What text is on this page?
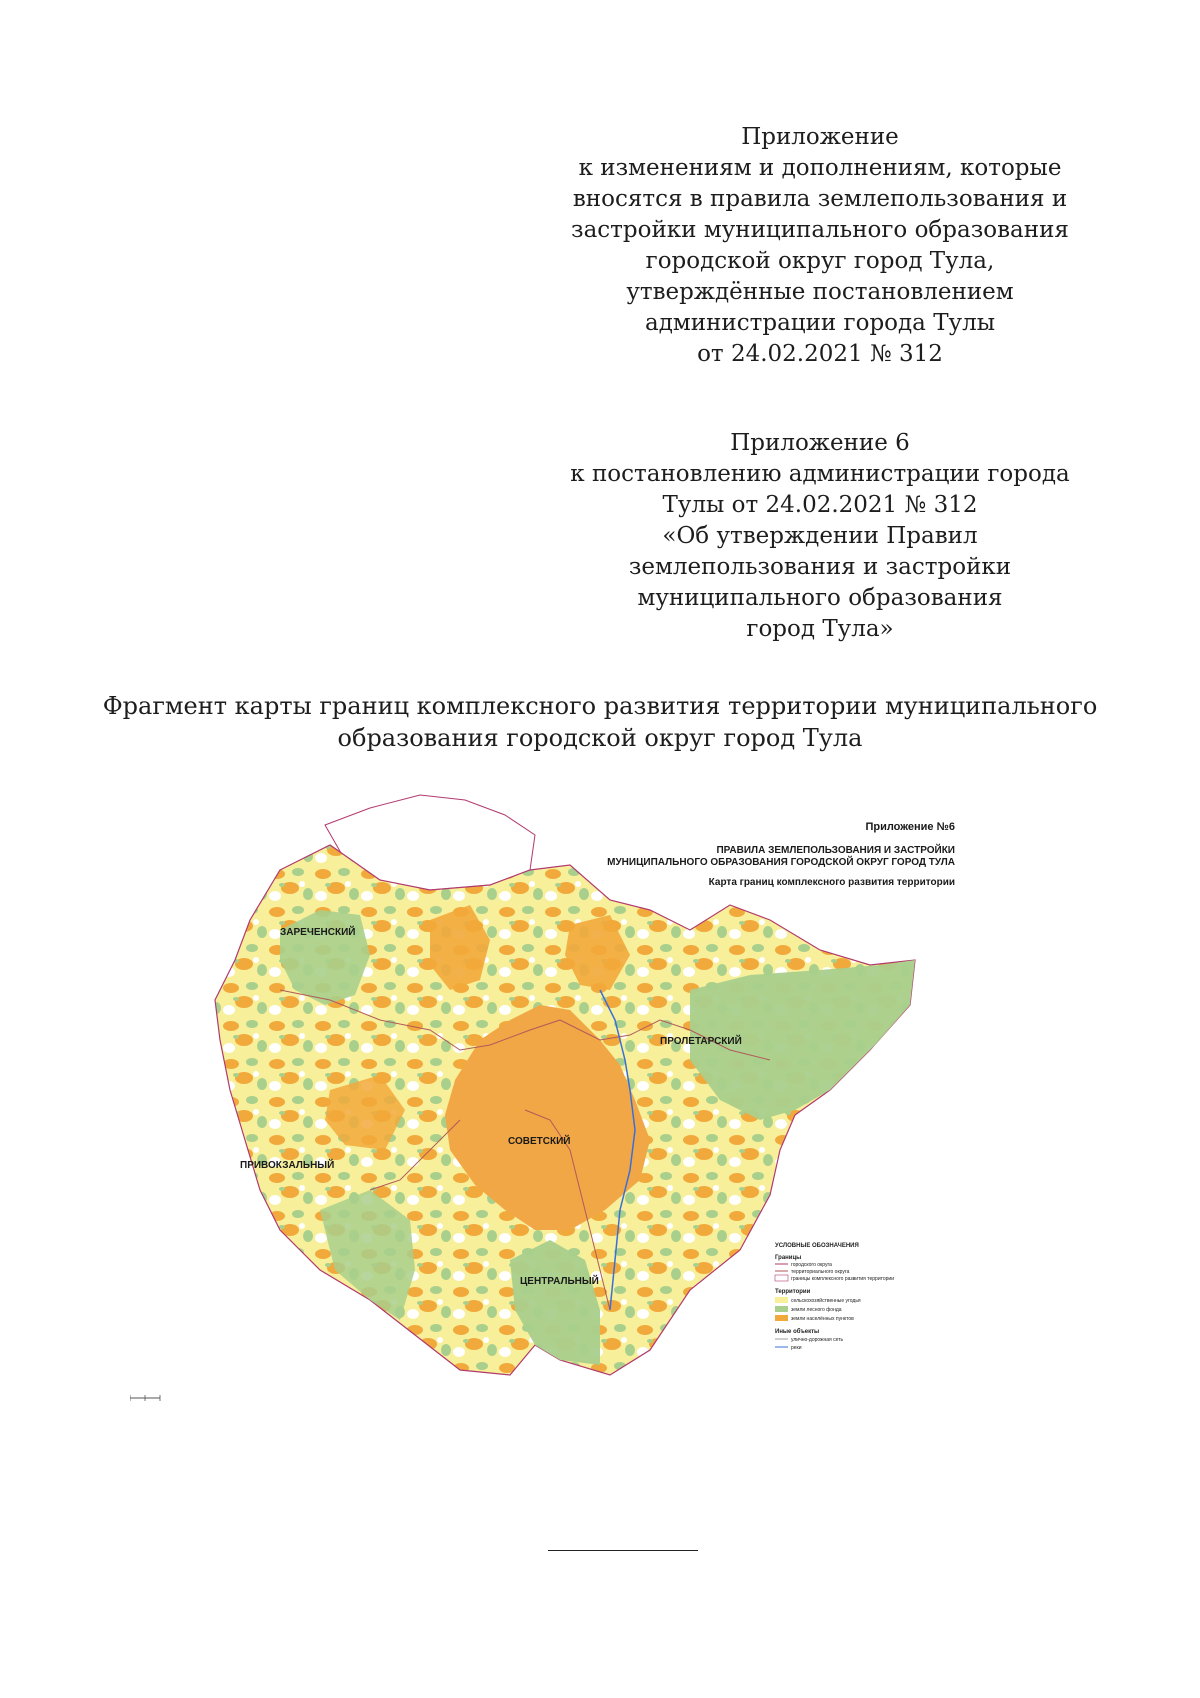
Приложение
к изменениям и дополнениям, которые
вносятся в правила землепользования и
застройки муниципального образования
городской округ город Тула,
утверждённые постановлением
администрации города Тулы
от 24.02.2021 № 312
Приложение 6
к постановлению администрации города
Тулы от 24.02.2021 № 312
«Об утверждении Правил
землепользования и застройки
муниципального образования
город Тула»
Фрагмент карты границ комплексного развития территории муниципального
образования городской округ город Тула
Приложение №6
ПРАВИЛА ЗЕМЛЕПОЛЬЗОВАНИЯ И ЗАСТРОЙКИ
МУНИЦИПАЛЬНОГО ОБРАЗОВАНИЯ ГОРОДСКОЙ ОКРУГ ГОРОД ТУЛА
Карта границ комплексного развития территории
ЗАРЕЧЕНСКИЙ
ПРОЛЕТАРСКИЙ
ПРИВОКЗАЛЬНЫЙ
СОВЕТСКИЙ
ЦЕНТРАЛЬНЫЙ
УСЛОВНЫЕ ОБОЗНАЧЕНИЯ
Границы
городского округа
территориального округа
границы комплексного развития территории
Территории
сельскохозяйственные угодья
земли лесного фонда
земли населённых пунктов
Иные объекты
улично-дорожная сеть
реки
